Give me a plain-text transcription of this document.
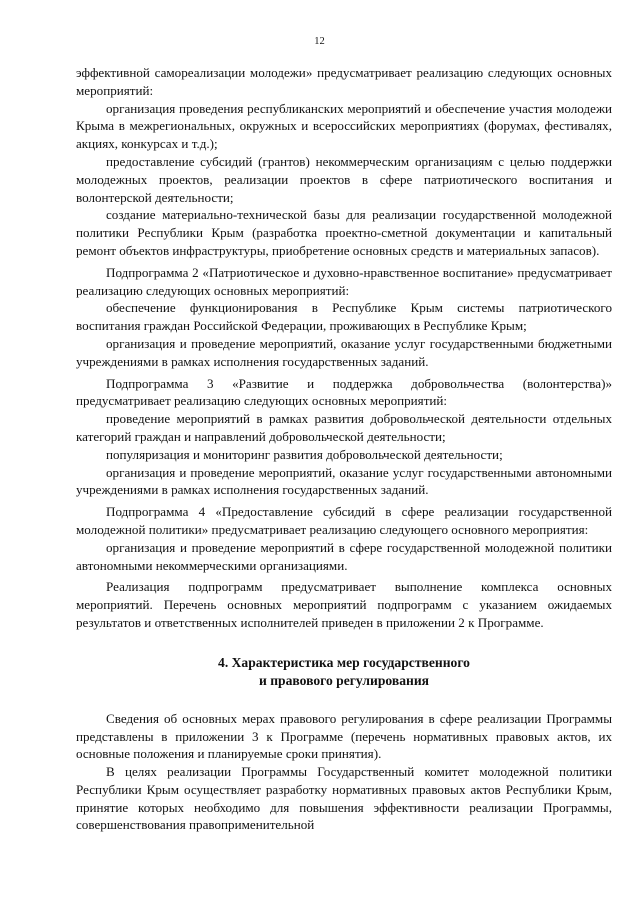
12

эффективной самореализации молодежи» предусматривает реализацию следующих основных мероприятий:

организация проведения республиканских мероприятий и обеспечение участия молодежи Крыма в межрегиональных, окружных и всероссийских мероприятиях (форумах, фестивалях, акциях, конкурсах и т.д.);

предоставление субсидий (грантов) некоммерческим организациям с целью поддержки молодежных проектов, реализации проектов в сфере патриотического воспитания и волонтерской деятельности;

создание материально-технической базы для реализации государственной молодежной политики Республики Крым (разработка проектно-сметной документации и капитальный ремонт объектов инфраструктуры, приобретение основных средств и материальных запасов).

Подпрограмма 2 «Патриотическое и духовно-нравственное воспитание» предусматривает реализацию следующих основных мероприятий:

обеспечение функционирования в Республике Крым системы патриотического воспитания граждан Российской Федерации, проживающих в Республике Крым;

организация и проведение мероприятий, оказание услуг государственными бюджетными учреждениями в рамках исполнения государственных заданий.

Подпрограмма 3 «Развитие и поддержка добровольчества (волонтерства)» предусматривает реализацию следующих основных мероприятий:

проведение мероприятий в рамках развития добровольческой деятельности отдельных категорий граждан и направлений добровольческой деятельности;

популяризация и мониторинг развития добровольческой деятельности;

организация и проведение мероприятий, оказание услуг государственными автономными учреждениями в рамках исполнения государственных заданий.

Подпрограмма 4 «Предоставление субсидий в сфере реализации государственной молодежной политики» предусматривает реализацию следующего основного мероприятия:

организация и проведение мероприятий в сфере государственной молодежной политики автономными некоммерческими организациями.

Реализация подпрограмм предусматривает выполнение комплекса основных мероприятий. Перечень основных мероприятий подпрограмм с указанием ожидаемых результатов и ответственных исполнителей приведен в приложении 2 к Программе.

4. Характеристика мер государственного

и правового регулирования

Сведения об основных мерах правового регулирования в сфере реализации Программы представлены в приложении 3 к Программе (перечень нормативных правовых актов, их основные положения и планируемые сроки принятия).

В целях реализации Программы Государственный комитет молодежной политики Республики Крым осуществляет разработку нормативных правовых актов Республики Крым, принятие которых необходимо для повышения эффективности реализации Программы, совершенствования правоприменительной
